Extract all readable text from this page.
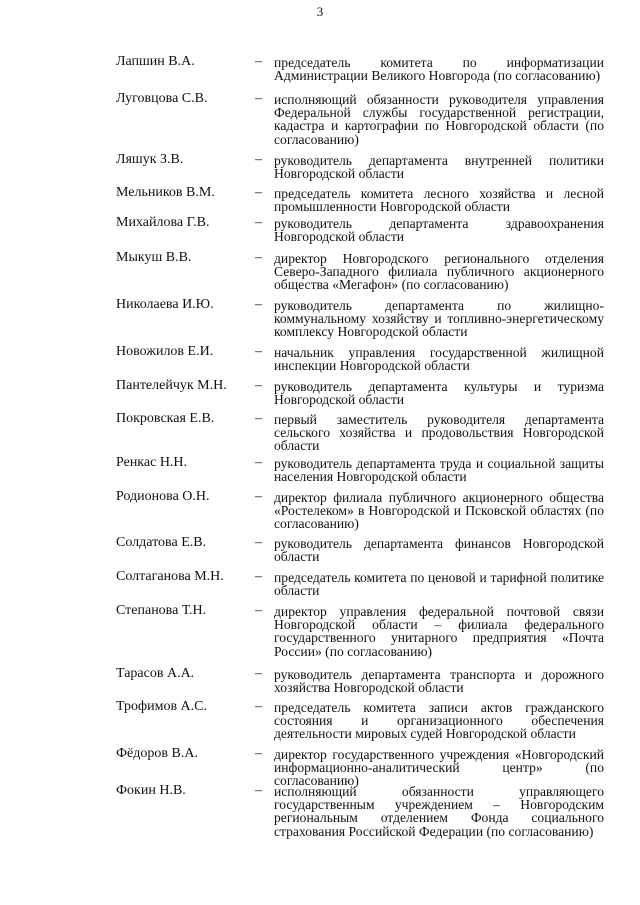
3
Лапшин В.А.	– председатель комитета по информатизации Администрации Великого Новгорода (по согласованию)
Луговцова С.В.	– исполняющий обязанности руководителя управления Федеральной службы государственной регистрации, кадастра и картографии по Новгородской области (по согласованию)
Ляшук З.В.	– руководитель департамента внутренней политики Новгородской области
Мельников В.М.	– председатель комитета лесного хозяйства и лесной промышленности Новгородской области
Михайлова Г.В.	– руководитель департамента здравоохранения Новгородской области
Мыкуш В.В.	– директор Новгородского регионального отделения Северо-Западного филиала публичного акционерного общества «Мегафон» (по согласованию)
Николаева И.Ю.	– руководитель департамента по жилищно-коммунальному хозяйству и топливно-энергетическому комплексу Новгородской области
Новожилов Е.И.	– начальник управления государственной жилищной инспекции Новгородской области
Пантелейчук М.Н.	– руководитель департамента культуры и туризма Новгородской области
Покровская Е.В.	– первый заместитель руководителя департамента сельского хозяйства и продовольствия Новгородской области
Ренкас Н.Н.	– руководитель департамента труда и социальной защиты населения Новгородской области
Родионова О.Н.	– директор филиала публичного акционерного общества «Ростелеком» в Новгородской и Псковской областях (по согласованию)
Солдатова Е.В.	– руководитель департамента финансов Новгородской области
Солтаганова М.Н.	– председатель комитета по ценовой и тарифной политике области
Степанова Т.Н.	– директор управления федеральной почтовой связи Новгородской области – филиала федерального государственного унитарного предприятия «Почта России» (по согласованию)
Тарасов А.А.	– руководитель департамента транспорта и дорожного хозяйства Новгородской области
Трофимов А.С.	– председатель комитета записи актов гражданского состояния и организационного обеспечения деятельности мировых судей Новгородской области
Фёдоров В.А.	– директор государственного учреждения «Новгородский информационно-аналитический центр» (по согласованию)
Фокин Н.В.	– исполняющий обязанности управляющего государственным учреждением – Новгородским региональным отделением Фонда социального страхования Российской Федерации (по согласованию)
